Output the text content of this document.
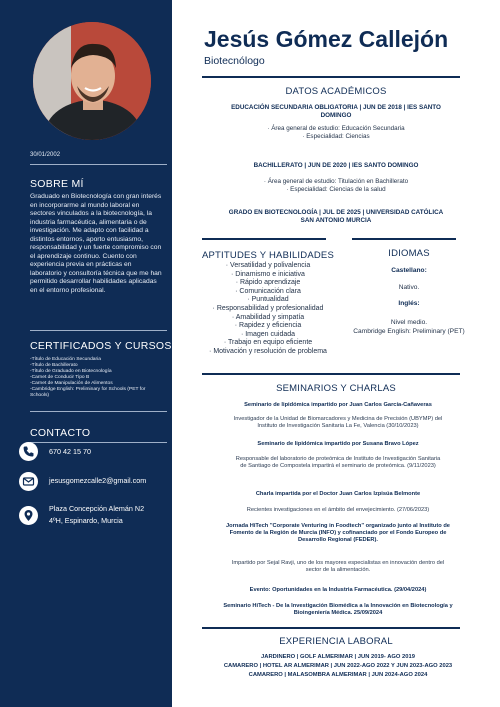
30/01/2002
SOBRE MÍ
Graduado en Biotecnología con gran interés en incorporarme al mundo laboral en sectores vinculados a la biotecnología, la industria farmacéutica, alimentaria o de investigación. Me adapto con facilidad a distintos entornos, aporto entusiasmo, responsabilidad y un fuerte compromiso con el aprendizaje continuo. Cuento con experiencia previa en prácticas en laboratorio y consultoría técnica que me han permitido desarrollar habilidades aplicadas en el entorno profesional.
CERTIFICADOS Y CURSOS
-Título de Educación Secundaria
-Título de Bachillerato
-Título de Graduado en Biotecnología
-Carnet de Conducir Tipo B
-Carnet de Manipulación de Alimentos
-Cambridge English: Preliminary for Schools (PET for Schools)
CONTACTO
670 42 15 70
jesusgomezcalle2@gmail.com
Plaza Concepción Alemán N2
4ºH, Espinardo, Murcia
Jesús Gómez Callejón
Biotecnólogo
DATOS ACADÉMICOS
EDUCACIÓN SECUNDARIA OBLIGATORIA | JUN DE 2018 | IES SANTO
DOMINGO
· Área general de estudio: Educación Secundaria
· Especialidad: Ciencias
BACHILLERATO | JUN DE 2020 | IES SANTO DOMINGO
· Área general de estudio: Titulación en Bachillerato
· Especialidad: Ciencias de la salud
GRADO EN BIOTECNOLOGÍA | JUL DE 2025 | UNIVERSIDAD CATÓLICA
SAN ANTONIO MURCIA
APTITUDES Y HABILIDADES	IDIOMAS
· Versatilidad y polivalencia
· Dinamismo e iniciativa
· Rápido aprendizaje
· Comunicación clara
· Puntualidad
· Responsabilidad y profesionalidad
· Amabilidad y simpatía
· Rapidez y eficiencia
· Imagen cuidada
· Trabajo en equipo eficiente
· Motivación y resolución de problema
Castellano:
Nativo.
Inglés:
Nivel medio.
Cambridge English: Preliminary (PET)
SEMINARIOS Y CHARLAS
Seminario de lipidómica impartido por Juan Carlos García-Cañaveras
Investigador de la Unidad de Biomarcadores y Medicina de Precisión (UBYMP) del
Instituto de Investigación Sanitaria La Fe, Valencia (30/10/2023)
Seminario de lipidómica impartido por Susana Bravo López
Responsable del laboratorio de proteómica de Instituto de Investigación Sanitaria
de Santiago de Compostela impartirá el seminario de proteómica. (9/11/2023)
Charla impartida por el Doctor Juan Carlos Izpisúa Belmonte
Recientes investigaciones en el ámbito del envejecimiento. (27/06/2023)
Jornada HiTech "Corporate Venturing in Foodtech" organizado junto al Instituto de
Fomento de la Región de Murcia (INFO) y cofinanciado por el Fondo Europeo de
Desarrollo Regional (FEDER).
Impartido por Sejal Ravji, uno de los mayores especialistas en innovación dentro del
sector de la alimentación.
Evento: Oportunidades en la Industria Farmacéutica. (29/04/2024)
Seminario HiTech - De la Investigación Biomédica a la Innovación en Biotecnología y
Bioingeniería Médica. 25/09/2024
EXPERIENCIA LABORAL
JARDINERO | GOLF ALMERIMAR | JUN 2019- AGO 2019
CAMARERO | HOTEL AR ALMERIMAR | JUN 2022-AGO 2022 Y JUN 2023-AGO 2023
CAMARERO | MALASOMBRA ALMERIMAR | JUN 2024-AGO 2024
